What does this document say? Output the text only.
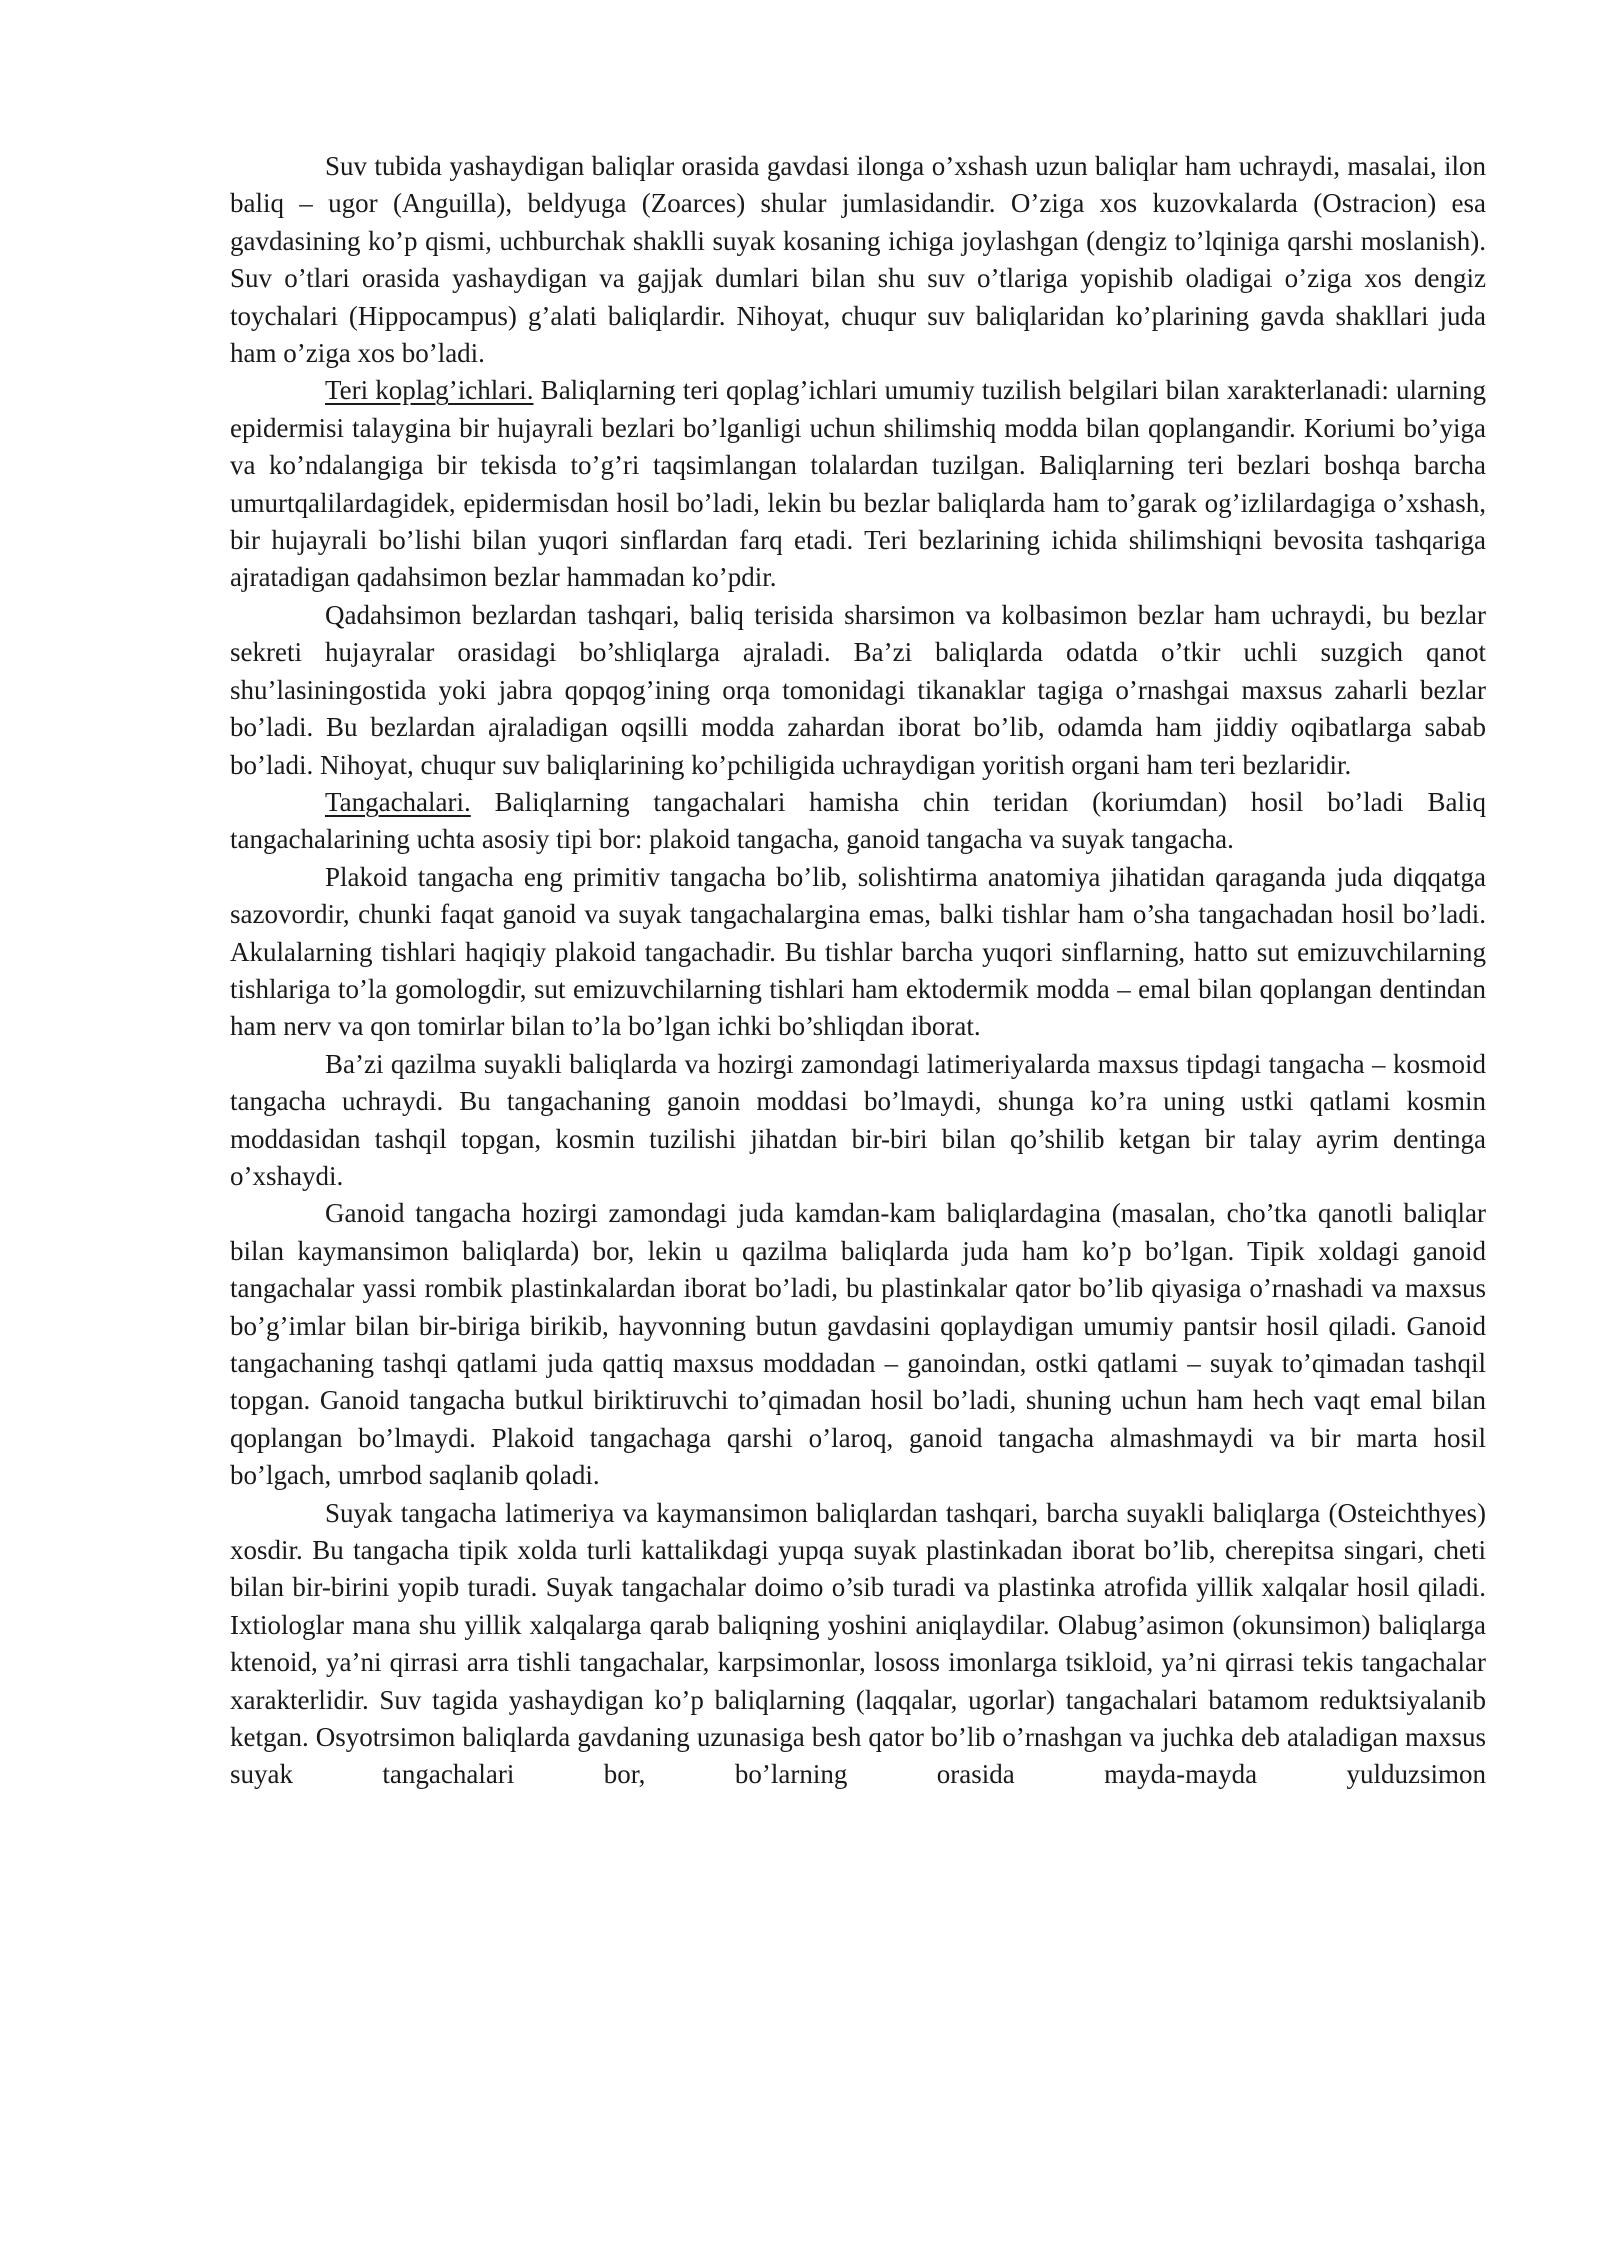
Suv tubida yashaydigan baliqlar orasida gavdasi ilonga o’xshash uzun baliqlar ham uchraydi, masalai, ilon baliq – ugor (Anguilla), beldyuga (Zoarces) shular jumlasidandir. O’ziga xos kuzovkalarda (Ostracion) esa gavdasining ko’p qismi, uchburchak shaklli suyak kosaning ichiga joylashgan (dengiz to’lqiniga qarshi moslanish). Suv o’tlari orasida yashaydigan va gajjak dumlari bilan shu suv o’tlariga yopishib oladigai o’ziga xos dengiz toychalari (Hippocampus) g’alati baliqlardir. Nihoyat, chuqur suv baliqlaridan ko’plarining gavda shakllari juda ham o’ziga xos bo’ladi.

Teri koplag’ichlari. Baliqlarning teri qoplag’ichlari umumiy tuzilish belgilari bilan xarakterlanadi: ularning epidermisi talaygina bir hujayrali bezlari bo’lganligi uchun shilimshiq modda bilan qoplangandir. Koriumi bo’yiga va ko’ndalangiga bir tekisda to’g’ri taqsimlangan tolalardan tuzilgan. Baliqlarning teri bezlari boshqa barcha umurtqalilardagidek, epidermisdan hosil bo’ladi, lekin bu bezlar baliqlarda ham to’garak og’izlilardagiga o’xshash, bir hujayrali bo’lishi bilan yuqori sinflardan farq etadi. Teri bezlarining ichida shilimshiqni bevosita tashqariga ajratadigan qadahsimon bezlar hammadan ko’pdir.

Qadahsimon bezlardan tashqari, baliq terisida sharsimon va kolbasimon bezlar ham uchraydi, bu bezlar sekreti hujayralar orasidagi bo’shliqlarga ajraladi. Ba’zi baliqlarda odatda o’tkir uchli suzgich qanot shu’lasiningostida yoki jabra qopqog’ining orqa tomonidagi tikanaklar tagiga o’rnashgai maxsus zaharli bezlar bo’ladi. Bu bezlardan ajraladigan oqsilli modda zahardan iborat bo’lib, odamda ham jiddiy oqibatlarga sabab bo’ladi. Nihoyat, chuqur suv baliqlarining ko’pchiligida uchraydigan yoritish organi ham teri bezlaridir.

Tangachalari. Baliqlarning tangachalari hamisha chin teridan (koriumdan) hosil bo’ladi Baliq tangachalarining uchta asosiy tipi bor: plakoid tangacha, ganoid tangacha va suyak tangacha.

Plakoid tangacha eng primitiv tangacha bo’lib, solishtirma anatomiya jihatidan qaraganda juda diqqatga sazovordir, chunki faqat ganoid va suyak tangachalargina emas, balki tishlar ham o’sha tangachadan hosil bo’ladi. Akulalarning tishlari haqiqiy plakoid tangachadir. Bu tishlar barcha yuqori sinflarning, hatto sut emizuvchilarning tishlariga to’la gomologdir, sut emizuvchilarning tishlari ham ektodermik modda – emal bilan qoplangan dentindan ham nerv va qon tomirlar bilan to’la bo’lgan ichki bo’shliqdan iborat.

Ba’zi qazilma suyakli baliqlarda va hozirgi zamondagi latimeriyalarda maxsus tipdagi tangacha – kosmoid tangacha uchraydi. Bu tangachaning ganoin moddasi bo’lmaydi, shunga ko’ra uning ustki qatlami kosmin moddasidan tashqil topgan, kosmin tuzilishi jihatdan bir-biri bilan qo’shilib ketgan bir talay ayrim dentinga o’xshaydi.

Ganoid tangacha hozirgi zamondagi juda kamdan-kam baliqlardagina (masalan, cho’tka qanotli baliqlar bilan kaymansimon baliqlarda) bor, lekin u qazilma baliqlarda juda ham ko’p bo’lgan. Tipik xoldagi ganoid tangachalar yassi rombik plastinkalardan iborat bo’ladi, bu plastinkalar qator bo’lib qiyasiga o’rnashadi va maxsus bo’g’imlar bilan bir-biriga birikib, hayvonning butun gavdasini qoplaydigan umumiy pantsir hosil qiladi. Ganoid tangachaning tashqi qatlami juda qattiq maxsus moddadan – ganoindan, ostki qatlami – suyak to’qimadan tashqil topgan. Ganoid tangacha butkul biriktiruvchi to’qimadan hosil bo’ladi, shuning uchun ham hech vaqt emal bilan qoplangan bo’lmaydi. Plakoid tangachaga qarshi o’laroq, ganoid tangacha almashmaydi va bir marta hosil bo’lgach, umrbod saqlanib qoladi.

Suyak tangacha latimeriya va kaymansimon baliqlardan tashqari, barcha suyakli baliqlarga (Osteichthyes) xosdir. Bu tangacha tipik xolda turli kattalikdagi yupqa suyak plastinkadan iborat bo’lib, cherepitsa singari, cheti bilan bir-birini yopib turadi. Suyak tangachalar doimo o’sib turadi va plastinka atrofida yillik xalqalar hosil qiladi. Ixtiologlar mana shu yillik xalqalarga qarab baliqning yoshini aniqlaydilar. Olabug’asimon (okunsimon) baliqlarga ktenoid, ya’ni qirrasi arra tishli tangachalar, karpsimonlar, lososs imonlarga tsikloid, ya’ni qirrasi tekis tangachalar xarakterlidir. Suv tagida yashaydigan ko’p baliqlarning (laqqalar, ugorlar) tangachalari batamom reduktsiyalanib ketgan. Osyotrsimon baliqlarda gavdaning uzunasiga besh qator bo’lib o’rnashgan va juchka deb ataladigan maxsus suyak tangachalari bor, bo’larning orasida mayda-mayda yulduzsimon
